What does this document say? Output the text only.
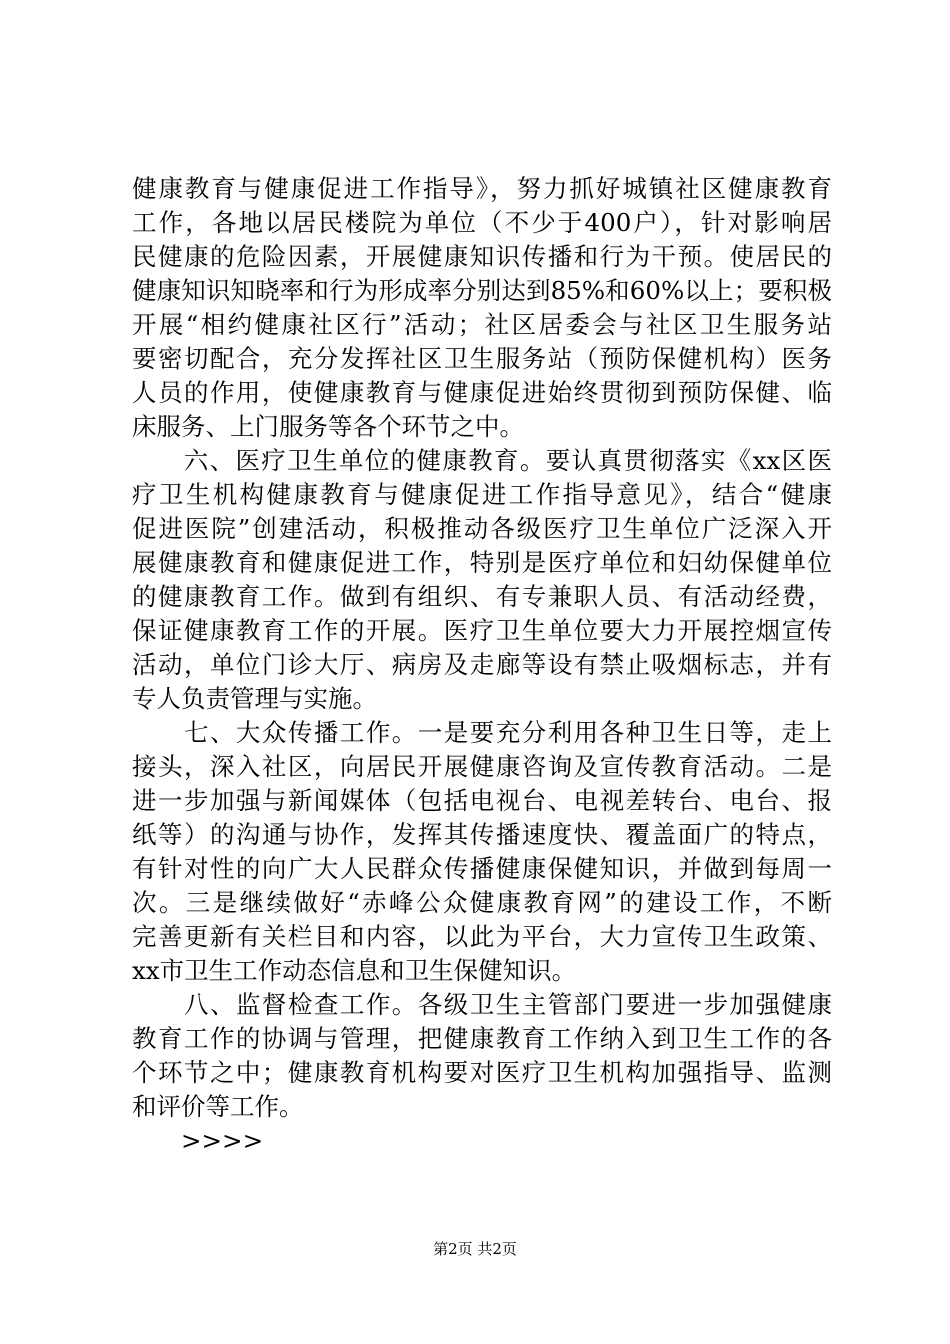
健康教育与健康促进工作指导》，努力抓好城镇社区健康教育
工作，各地以居民楼院为单位（不少于400户），针对影响居
民健康的危险因素，开展健康知识传播和行为干预。使居民的
健康知识知晓率和行为形成率分别达到85%和60%以上；要积极
开展“相约健康社区行”活动；社区居委会与社区卫生服务站
要密切配合，充分发挥社区卫生服务站（预防保健机构）医务
人员的作用，使健康教育与健康促进始终贯彻到预防保健、临
床服务、上门服务等各个环节之中。
　　六、医疗卫生单位的健康教育。要认真贯彻落实《xx区医
疗卫生机构健康教育与健康促进工作指导意见》，结合“健康
促进医院”创建活动，积极推动各级医疗卫生单位广泛深入开
展健康教育和健康促进工作，特别是医疗单位和妇幼保健单位
的健康教育工作。做到有组织、有专兼职人员、有活动经费，
保证健康教育工作的开展。医疗卫生单位要大力开展控烟宣传
活动，单位门诊大厅、病房及走廊等设有禁止吸烟标志，并有
专人负责管理与实施。
　　七、大众传播工作。一是要充分利用各种卫生日等，走上
接头，深入社区，向居民开展健康咨询及宣传教育活动。二是
进一步加强与新闻媒体（包括电视台、电视差转台、电台、报
纸等）的沟通与协作，发挥其传播速度快、覆盖面广的特点，
有针对性的向广大人民群众传播健康保健知识，并做到每周一
次。三是继续做好“赤峰公众健康教育网”的建设工作，不断
完善更新有关栏目和内容，以此为平台，大力宣传卫生政策、
xx市卫生工作动态信息和卫生保健知识。
　　八、监督检查工作。各级卫生主管部门要进一步加强健康
教育工作的协调与管理，把健康教育工作纳入到卫生工作的各
个环节之中；健康教育机构要对医疗卫生机构加强指导、监测
和评价等工作。
　　>>>>
第2页 共2页
